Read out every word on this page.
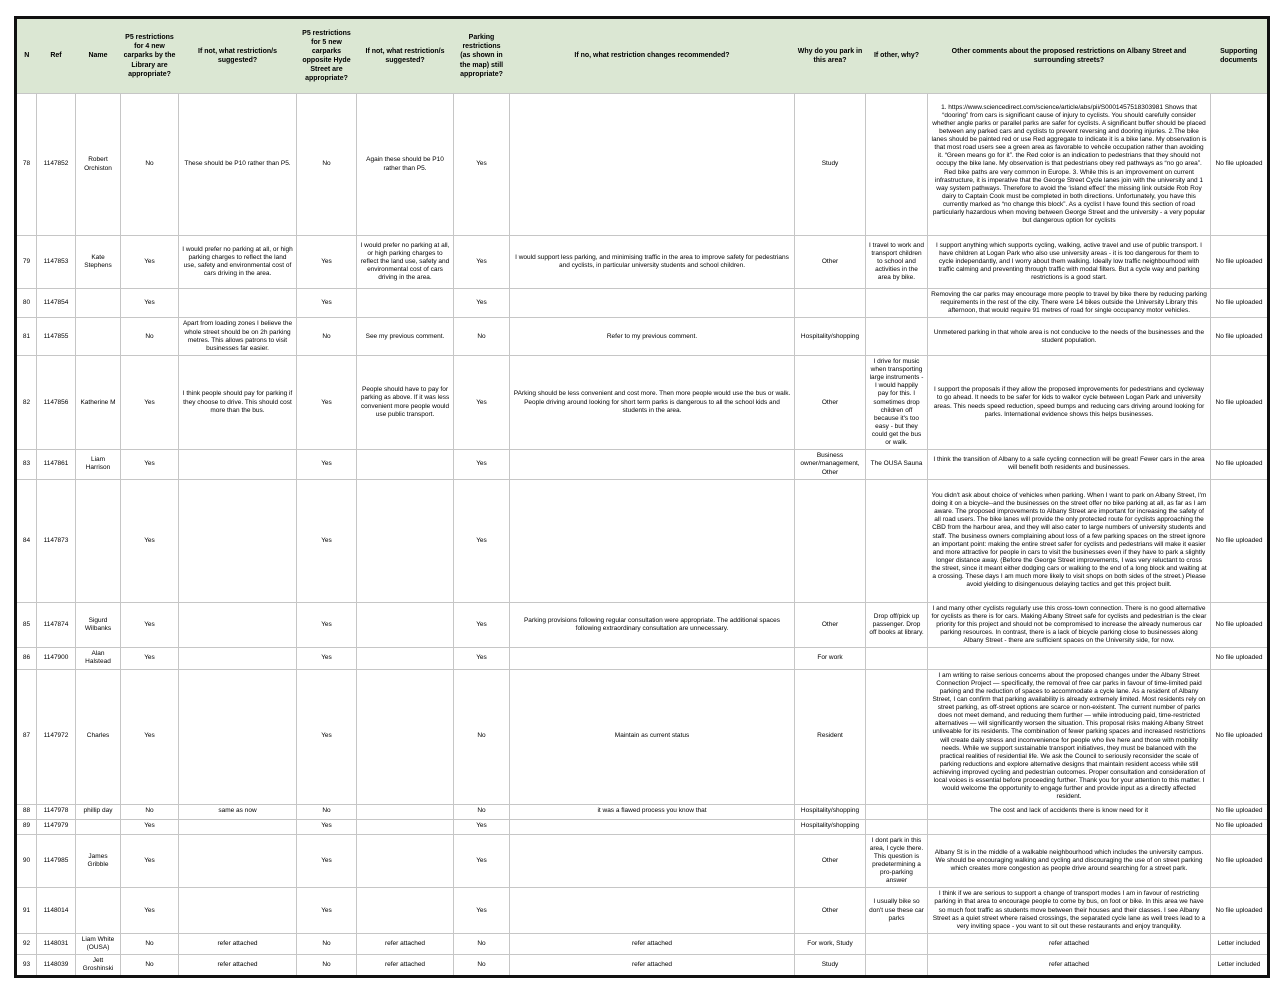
N	Ref	Name	P5 restrictions for 4 new carparks by the Library are appropriate?	If not, what restriction/s suggested?	P5 restrictions for 5 new carparks opposite Hyde Street are appropriate?	If not, what restriction/s suggested?	Parking restrictions (as shown in the map) still appropriate?	If no, what restriction changes recommended?	Why do you park in this area?	If other, why?	Other comments about the proposed restrictions on Albany Street and surrounding streets?	Supporting documents
78	1147852	Robert Orchiston	No	These should be P10 rather than P5.	No	Again these should be P10 rather than P5.	Yes		Study		1. https://www.sciencedirect.com/science/article/abs/pii/S0001457518303981 Shows that “dooring” from cars is significant cause of injury to cyclists. You should carefully consider whether angle parks or parallel parks are safer for cyclists. A significant buffer should be placed between any parked cars and cyclists to prevent reversing and dooring injuries. 2.The bike lanes should be painted red or use Red aggregate to indicate it is a bike lane. My observation is that most road users see a green area as favorable to vehcile occupation rather than avoiding it. “Green means go for it”. the Red color is an indication to pedestrians that they should not occupy the bike lane. My observation is that pedestrians obey red pathways as “no go area”. Red bike paths are very common in Europe. 3. While this is an improvement on current infrastructure, it is imperative that the George Street Cycle lanes join with the university and 1 way system pathways. Therefore to avoid the ‘island effect’ the missing link outside Rob Roy dairy to Captain Cook must be completed in both directions. Unfortunately, you have this currently marked as “no change this block”. As a cyclist I have found this section of road particularly hazardous when moving between George Street and the university - a very popular but dangerous option for cyclists	No file uploaded
79	1147853	Kate Stephens	Yes	I would prefer no parking at all, or high parking charges to reflect the land use, safety and environmental cost of cars driving in the area.	Yes	I would prefer no parking at all, or high parking charges to reflect the land use, safety and environmental cost of cars driving in the area.	Yes	I would support less parking, and minimising traffic in the area to improve safety for pedestrians and cyclists, in particular university students and school children.	Other	I travel to work and transport children to school and activities in the area by bike.	I support anything which supports cycling, walking, active travel and use of public transport. I have children at Logan Park who also use university areas - it is too dangerous for them to cycle independantly, and I worry about them walking. Ideally low traffic neighbourhood with traffic calming and preventing through traffic with modal filters. But a cycle way and parking restrictions is a good start.	No file uploaded
80	1147854		Yes		Yes		Yes				Removing the car parks may encourage more people to travel by bike there by reducing parking requirements in the rest of the city. There were 14 bikes outside the University Library this afternoon, that would require 91 metres of road for single occupancy motor vehicles.	No file uploaded
81	1147855		No	Apart from loading zones I believe the whole street should be on 2h parking metres. This allows patrons to visit businesses far easier.	No	See my previous comment.	No	Refer to my previous comment.	Hospitality/shopping		Unmetered parking in that whole area is not conducive to the needs of the businesses and the student population.	No file uploaded
82	1147856	Katherine M	Yes	I think people should pay for parking if they choose to drive. This should cost more than the bus.	Yes	People should have to pay for parking as above. If it was less convenient more people would use public transport.	Yes	PArking should be less convenient and cost more. Then more people would use the bus or walk. People driving around looking for short term parks is dangerous to all the school kids and students in the area.	Other	I drive for music when transporting large instruments - I would happily pay for this. I sometimes drop children off because it's too easy - but they could get the bus or walk.	I support the proposals if they allow the proposed improvements for pedestrians and cycleway to go ahead. It needs to be safer for kids to walkor cycle between Logan Park and university areas. This needs speed reduction, speed bumps and reducing cars driving around looking for parks. International evidence shows this helps businesses.	No file uploaded
83	1147861	Liam Harrison	Yes		Yes		Yes		Business owner/management, Other	The OUSA Sauna	I think the transition of Albany to a safe cycling connection will be great! Fewer cars in the area will benefit both residents and businesses.	No file uploaded
84	1147873		Yes		Yes		Yes				You didn't ask about choice of vehicles when parking. When I want to park on Albany Street, I'm doing it on a bicycle--and the businesses on the street offer no bike parking at all, as far as I am aware. The proposed improvements to Albany Street are important for increasing the safety of all road users. The bike lanes will provide the only protected route for cyclists approaching the CBD from the harbour area, and they will also cater to large numbers of university students and staff. The business owners complaining about loss of a few parking spaces on the street ignore an important point: making the entire street safer for cyclists and pedestrians will make it easier and more attractive for people in cars to visit the businesses even if they have to park a slightly longer distance away. (Before the George Street improvements, I was very reluctant to cross the street, since it meant either dodging cars or walking to the end of a long block and waiting at a crossing. These days I am much more likely to visit shops on both sides of the street.) Please avoid yielding to disingenuous delaying tactics and get this project built.	No file uploaded
85	1147874	Sigurd Wilbanks	Yes		Yes		Yes	Parking provisions following regular consultation were appropriate. The additional spaces following extraordinary consultation are unnecessary.	Other	Drop off/pick up passenger. Drop off books at library.	I and many other cyclists regularly use this cross-town connection. There is no good alternative for cyclists as there is for cars. Making Albany Street safe for cyclists and pedestrian is the clear priority for this project and should not be compromised to increase the already numerous car parking resources. In contrast, there is a lack of bicycle parking close to businesses along Albany Street - there are sufficient spaces on the University side, for now.	No file uploaded
86	1147900	Alan Halstead	Yes		Yes		Yes		For work			No file uploaded
87	1147972	Charles	Yes		Yes		No	Maintain as current status	Resident		I am writing to raise serious concerns about the proposed changes under the Albany Street Connection Project — specifically, the removal of free car parks in favour of time-limited paid parking and the reduction of spaces to accommodate a cycle lane. As a resident of Albany Street, I can confirm that parking availability is already extremely limited. Most residents rely on street parking, as off-street options are scarce or non-existent. The current number of parks does not meet demand, and reducing them further — while introducing paid, time-restricted alternatives — will significantly worsen the situation. This proposal risks making Albany Street unliveable for its residents. The combination of fewer parking spaces and increased restrictions will create daily stress and inconvenience for people who live here and those with mobility needs. While we support sustainable transport initiatives, they must be balanced with the practical realities of residential life. We ask the Council to seriously reconsider the scale of parking reductions and explore alternative designs that maintain resident access while still achieving improved cycling and pedestrian outcomes. Proper consultation and consideration of local voices is essential before proceeding further. Thank you for your attention to this matter. I would welcome the opportunity to engage further and provide input as a directly affected resident.	No file uploaded
88	1147978	phillip day	No	same as now	No		No	it was a flawed process you know that	Hospitality/shopping		The cost and lack of accidents there is know need for it	No file uploaded
89	1147979		Yes		Yes		Yes		Hospitality/shopping			No file uploaded
90	1147985	James Gribble	Yes		Yes		Yes		Other	I dont park in this area, I cycle there. This question is predetermining a pro-parking answer	Albany St is in the middle of a walkable neighbourhood which includes the university campus. We should be encouraging walking and cycling and discouraging the use of on street parking which creates more congestion as people drive around searching for a street park.	No file uploaded
91	1148014		Yes		Yes		Yes		Other	I usually bike so don't use these car parks	I think if we are serious to support a change of transport modes I am in favour of restricting parking in that area to encourage people to come by bus, on foot or bike. In this area we have so much foot traffic as students move between their houses and their classes. I see Albany Street as a quiet street where raised crossings, the separated cycle lane as well trees lead to a very inviting space - you want to sit out these restaurants and enjoy tranquility.	No file uploaded
92	1148031	Liam White (OUSA)	No	refer attached	No	refer attached	No	refer attached	For work, Study		refer attached	Letter included
93	1148039	Jett Groshinski	No	refer attached	No	refer attached	No	refer attached	Study		refer attached	Letter included
